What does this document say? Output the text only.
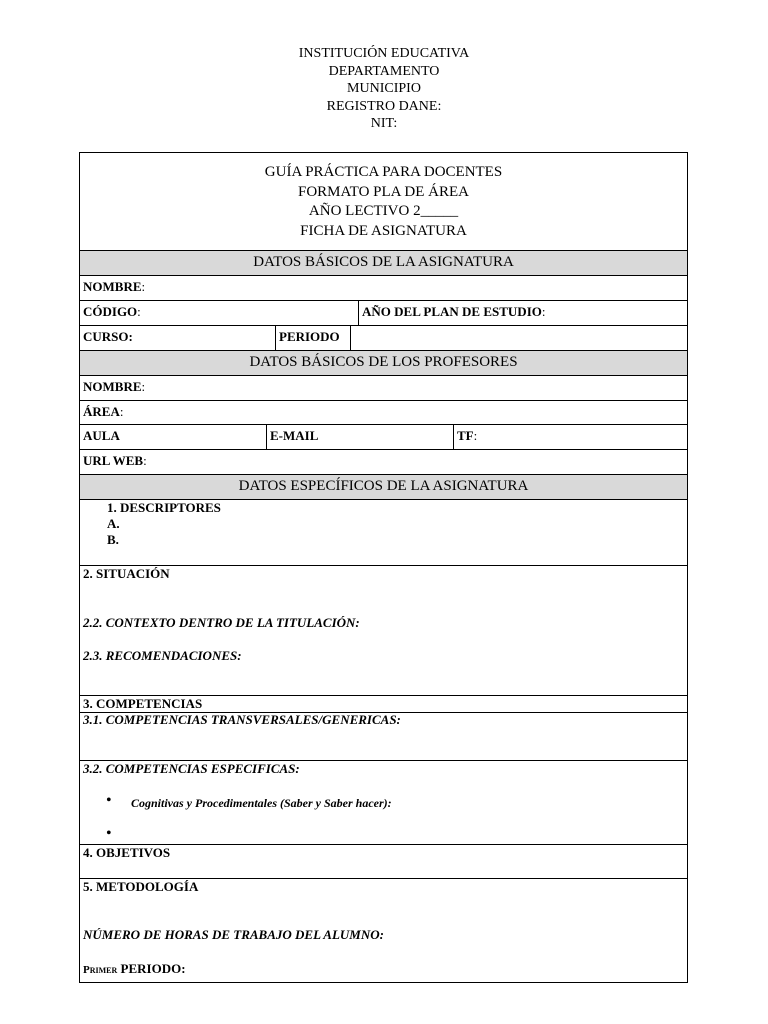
INSTITUCIÓN EDUCATIVA
DEPARTAMENTO
MUNICIPIO
REGISTRO DANE:
NIT:
GUÍA PRÁCTICA PARA DOCENTES
FORMATO PLA DE ÁREA
AÑO LECTIVO 2_____
FICHA DE ASIGNATURA
DATOS BÁSICOS DE LA ASIGNATURA
NOMBRE:
CÓDIGO:	AÑO DEL PLAN DE ESTUDIO:
CURSO:	PERIODO
DATOS BÁSICOS DE LOS PROFESORES
NOMBRE:
ÁREA:
AULA	E-MAIL	TF:
URL WEB:
DATOS ESPECÍFICOS DE LA ASIGNATURA
1. DESCRIPTORES
A.
B.
2. SITUACIÓN
2.2. CONTEXTO DENTRO DE LA TITULACIÓN:
2.3. RECOMENDACIONES:
3. COMPETENCIAS
3.1. COMPETENCIAS TRANSVERSALES/GENERICAS:
3.2. COMPETENCIAS ESPECIFICAS:
• Cognitivas y Procedimentales (Saber y Saber hacer):
•
4. OBJETIVOS
5. METODOLOGÍA
NÚMERO DE HORAS DE TRABAJO DEL ALUMNO:
Primer PERIODO:
